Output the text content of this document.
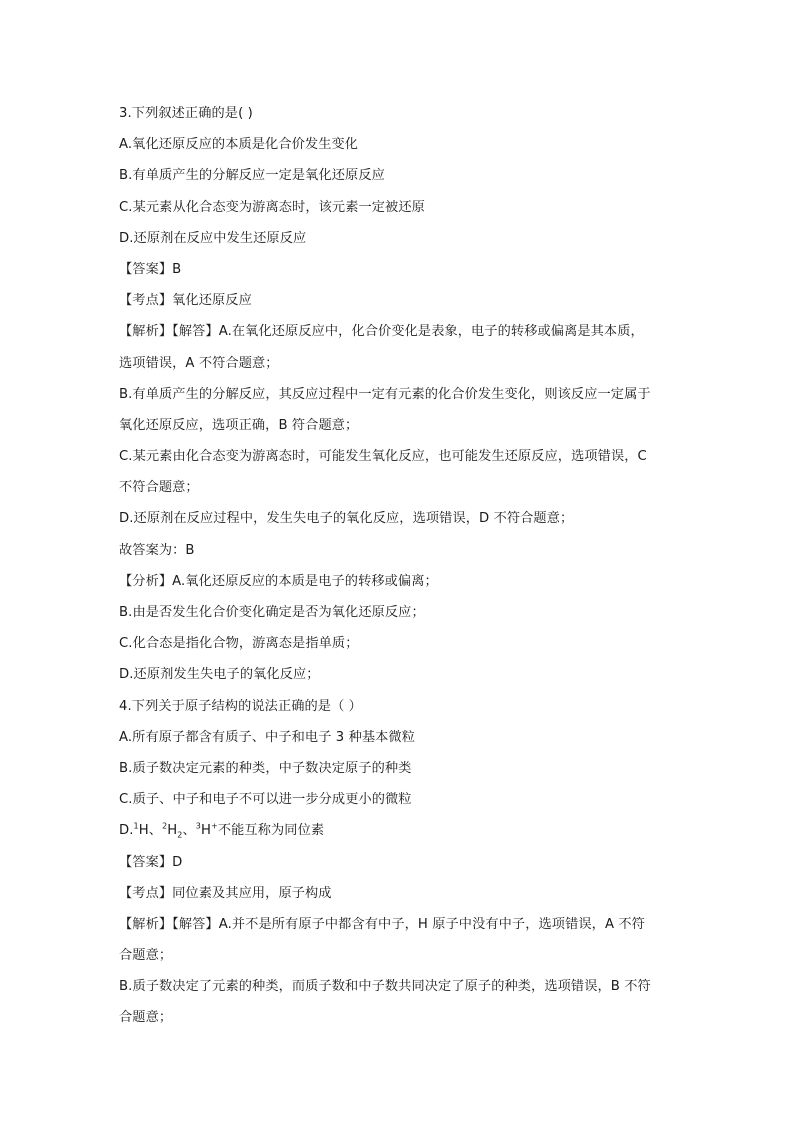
3.下列叙述正确的是( )
A.氧化还原反应的本质是化合价发生变化
B.有单质产生的分解反应一定是氧化还原反应
C.某元素从化合态变为游离态时，该元素一定被还原
D.还原剂在反应中发生还原反应
【答案】B
【考点】氧化还原反应
【解析】【解答】A.在氧化还原反应中，化合价变化是表象，电子的转移或偏离是其本质，
选项错误，A 不符合题意；
B.有单质产生的分解反应，其反应过程中一定有元素的化合价发生变化，则该反应一定属于
氧化还原反应，选项正确，B 符合题意；
C.某元素由化合态变为游离态时，可能发生氧化反应，也可能发生还原反应，选项错误，C
不符合题意；
D.还原剂在反应过程中，发生失电子的氧化反应，选项错误，D 不符合题意；
故答案为：B
【分析】A.氧化还原反应的本质是电子的转移或偏离；
B.由是否发生化合价变化确定是否为氧化还原反应；
C.化合态是指化合物，游离态是指单质；
D.还原剂发生失电子的氧化反应；
4.下列关于原子结构的说法正确的是（ ）
A.所有原子都含有质子、中子和电子 3 种基本微粒
B.质子数决定元素的种类，中子数决定原子的种类
C.质子、中子和电子不可以进一步分成更小的微粒
D.$^1$H、$^2H_2$、$^3$H+不能互称为同位素
【答案】D
【考点】同位素及其应用，原子构成
【解析】【解答】A.并不是所有原子中都含有中子，H 原子中没有中子，选项错误，A 不符
合题意；
B.质子数决定了元素的种类，而质子数和中子数共同决定了原子的种类，选项错误，B 不符
合题意；
